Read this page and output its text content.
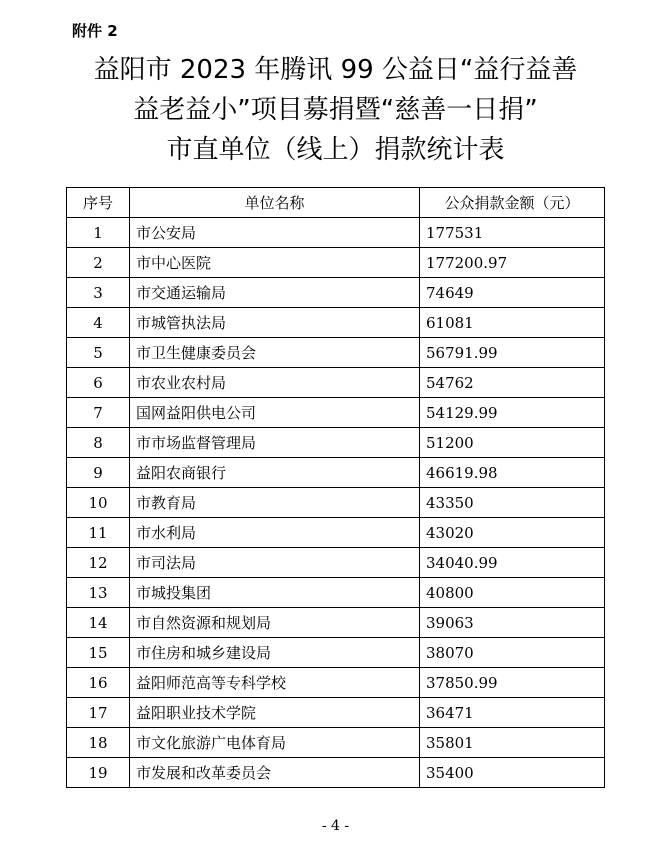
附件 2
益阳市 2023 年腾讯 99 公益日“益行益善
益老益小”项目募捐暨“慈善一日捐”
市直单位（线上）捐款统计表
序号	单位名称	公众捐款金额（元）
1	市公安局	177531
2	市中心医院	177200.97
3	市交通运输局	74649
4	市城管执法局	61081
5	市卫生健康委员会	56791.99
6	市农业农村局	54762
7	国网益阳供电公司	54129.99
8	市市场监督管理局	51200
9	益阳农商银行	46619.98
10	市教育局	43350
11	市水利局	43020
12	市司法局	34040.99
13	市城投集团	40800
14	市自然资源和规划局	39063
15	市住房和城乡建设局	38070
16	益阳师范高等专科学校	37850.99
17	益阳职业技术学院	36471
18	市文化旅游广电体育局	35801
19	市发展和改革委员会	35400
- 4 -
